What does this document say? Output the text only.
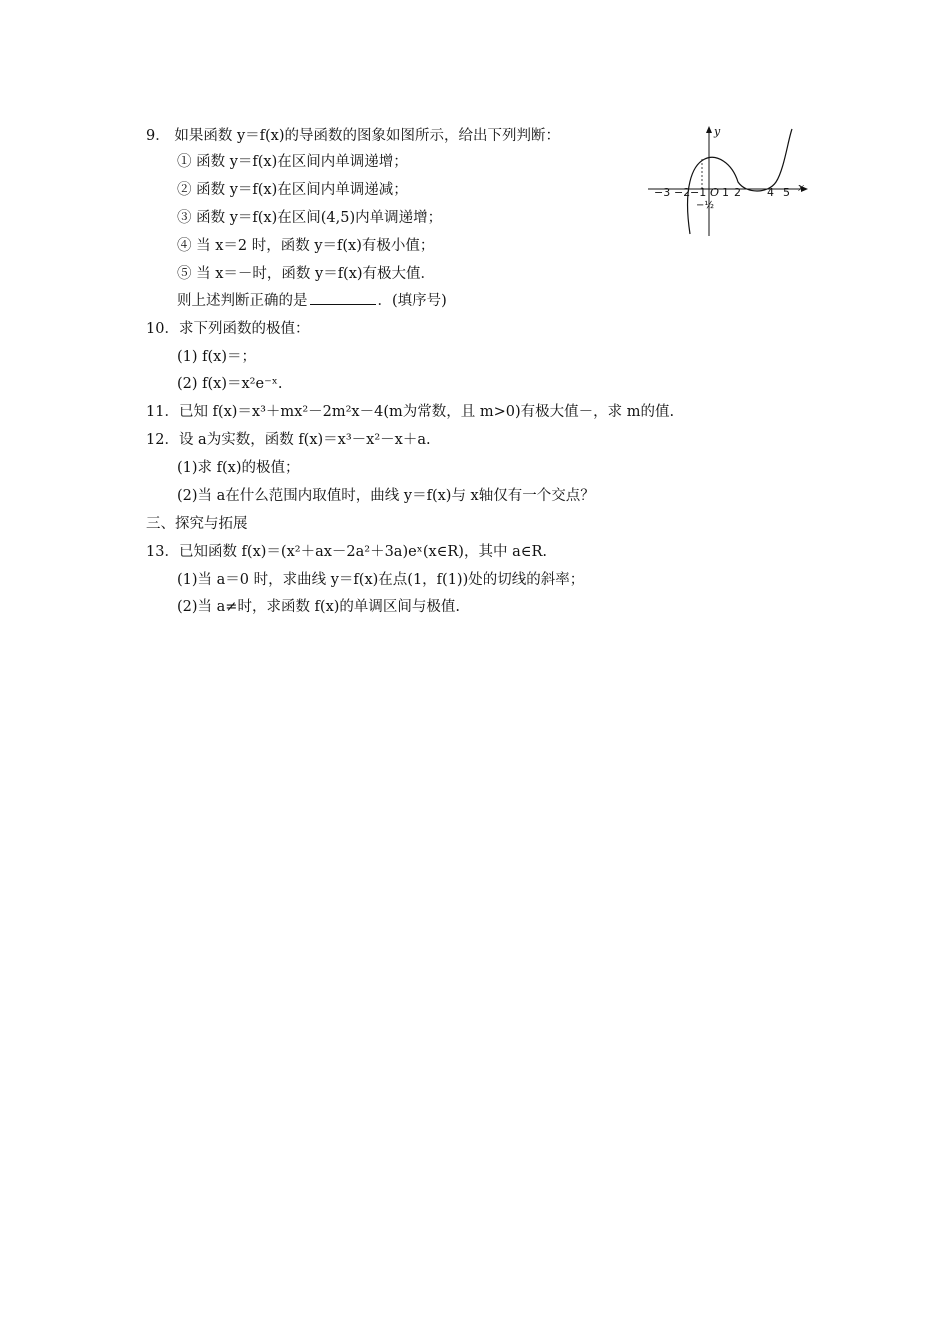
9． 如果函数 y＝f(x)的导函数的图象如图所示，给出下列判断：
① 函数 y＝f(x)在区间内单调递增；
② 函数 y＝f(x)在区间内单调递减；
③ 函数 y＝f(x)在区间(4,5)内单调递增；
④ 当 x＝2 时，函数 y＝f(x)有极小值；
⑤ 当 x＝－时，函数 y＝f(x)有极大值．
则上述判断正确的是	．(填序号)
10．求下列函数的极值：
(1) f(x)＝；
(2) f(x)＝x²e⁻ˣ.
11．已知 f(x)＝x³＋mx²－2m²x－4(m为常数，且 m>0)有极大值－，求 m的值.
12．设 a为实数，函数 f(x)＝x³－x²－x＋a.
(1)求 f(x)的极值；
(2)当 a在什么范围内取值时，曲线 y＝f(x)与 x轴仅有一个交点？
三、探究与拓展
13．已知函数 f(x)＝(x²＋ax－2a²＋3a)eˣ(x∈R)，其中 a∈R.
(1)当 a＝0 时，求曲线 y＝f(x)在点(1，f(1))处的切线的斜率；
(2)当 a≠时，求函数 f(x)的单调区间与极值.
y
x
O
−3 −2 −1 1 2 4 5
−½
